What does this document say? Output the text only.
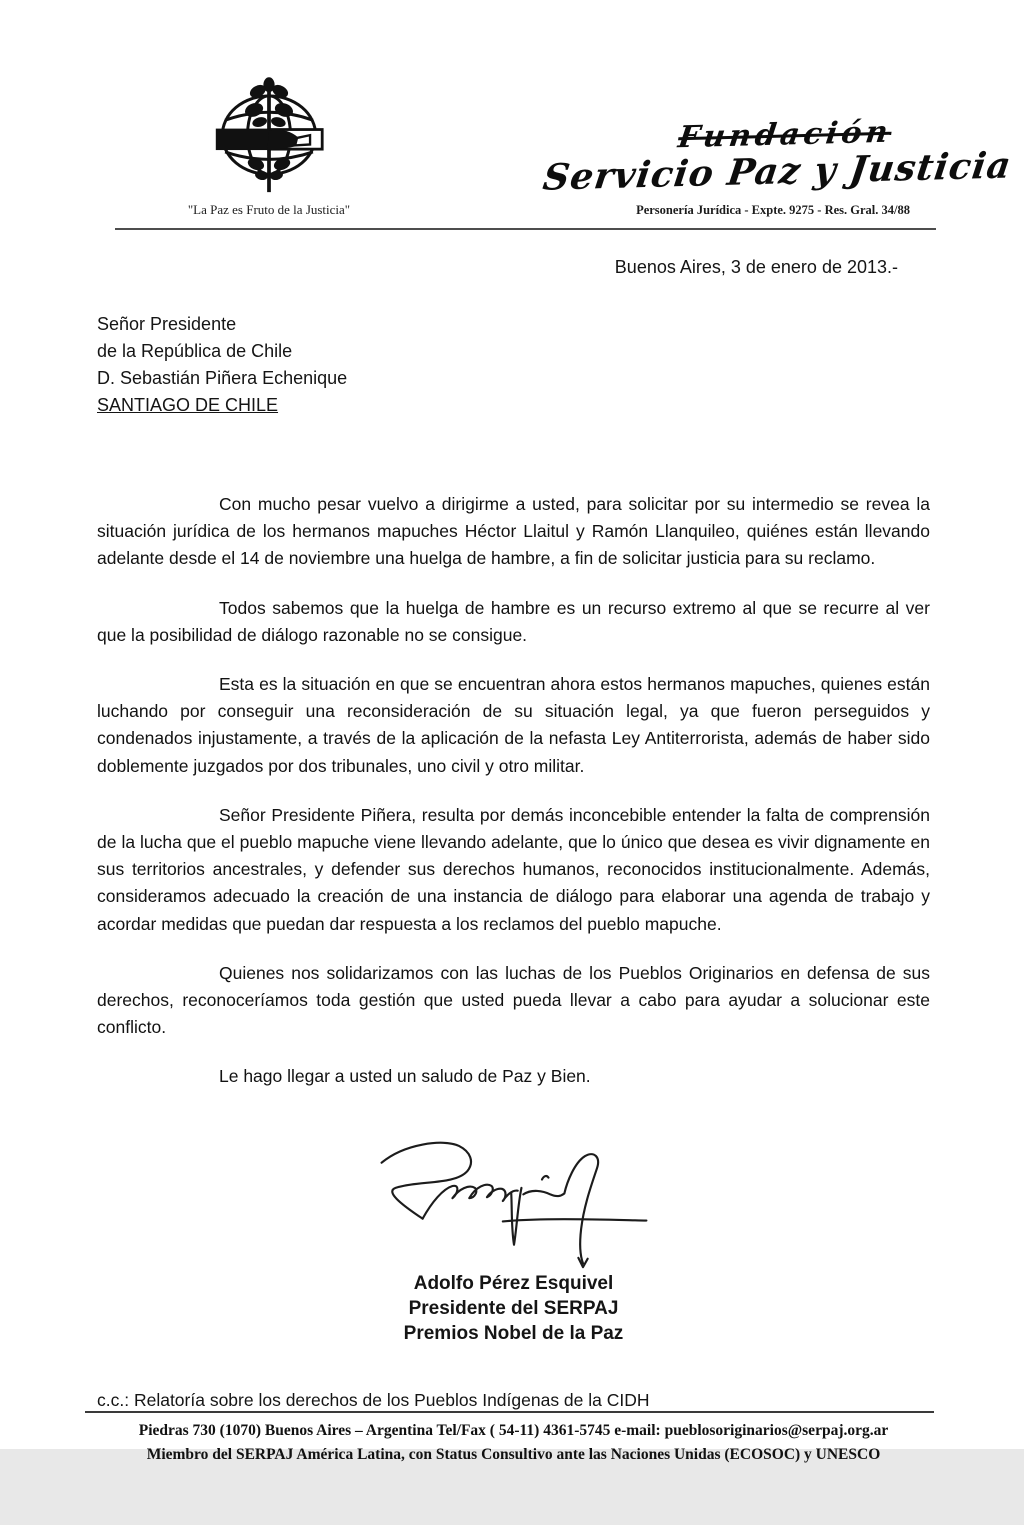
"La Paz es Fruto de la Justicia"
Fundación
Servicio Paz y Justicia
Personería Jurídica - Expte. 9275 - Res. Gral. 34/88
Buenos Aires, 3 de enero de 2013.-
Señor Presidente
de la República de Chile
D. Sebastián Piñera Echenique
SANTIAGO DE CHILE

Con mucho pesar vuelvo a dirigirme a usted, para solicitar por su intermedio se revea la situación jurídica de los hermanos mapuches Héctor Llaitul y Ramón Llanquileo, quiénes están llevando adelante desde el 14 de noviembre una huelga de hambre, a fin de solicitar justicia para su reclamo.

Todos sabemos que la huelga de hambre es un recurso extremo al que se recurre al ver que la posibilidad de diálogo razonable no se consigue.

Esta es la situación en que se encuentran ahora estos hermanos mapuches, quienes están luchando por conseguir una reconsideración de su situación legal, ya que fueron perseguidos y condenados injustamente, a través de la aplicación de la nefasta Ley Antiterrorista, además de haber sido doblemente juzgados por dos tribunales, uno civil y otro militar.

Señor Presidente Piñera, resulta por demás inconcebible entender la falta de comprensión de la lucha que el pueblo mapuche viene llevando adelante, que lo único que desea es vivir dignamente en sus territorios ancestrales, y defender sus derechos humanos, reconocidos institucionalmente. Además, consideramos adecuado la creación de una instancia de diálogo para elaborar una agenda de trabajo y acordar medidas que puedan dar respuesta a los reclamos del pueblo mapuche.

Quienes nos solidarizamos con las luchas de los Pueblos Originarios en defensa de sus derechos, reconoceríamos toda gestión que usted pueda llevar a cabo para ayudar a solucionar este conflicto.

Le hago llegar a usted un saludo de Paz y Bien.

Adolfo Pérez Esquivel
Presidente del SERPAJ
Premios Nobel de la Paz
c.c.: Relatoría sobre los derechos de los Pueblos Indígenas de la CIDH
Piedras 730 (1070) Buenos Aires – Argentina Tel/Fax ( 54-11) 4361-5745 e-mail: pueblosoriginarios@serpaj.org.ar
Miembro del SERPAJ América Latina, con Status Consultivo ante las Naciones Unidas (ECOSOC) y UNESCO
